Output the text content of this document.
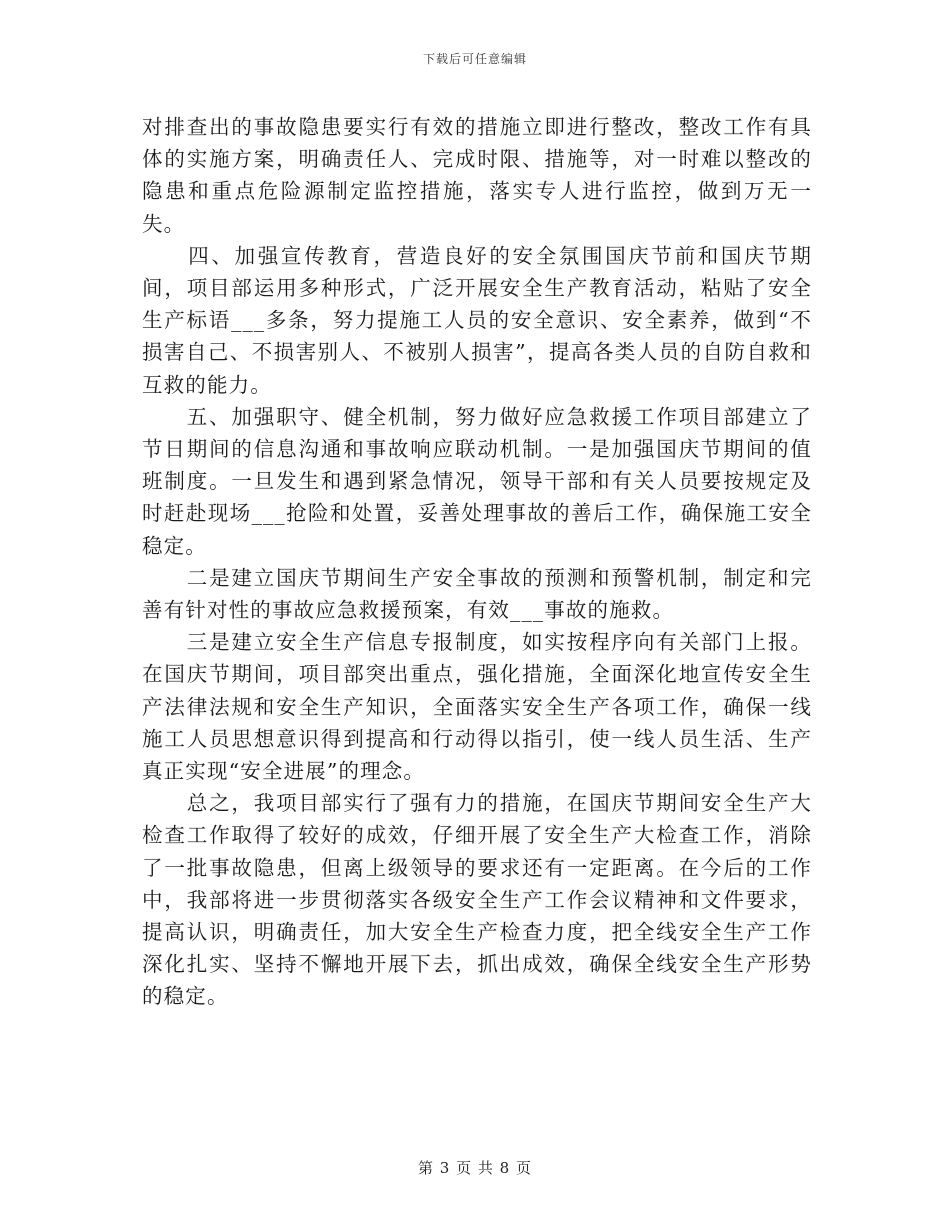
下载后可任意编辑

对排查出的事故隐患要实行有效的措施立即进行整改，整改工作有具体的实施方案，明确责任人、完成时限、措施等，对一时难以整改的隐患和重点危险源制定监控措施，落实专人进行监控，做到万无一失。

　　四、加强宣传教育，营造良好的安全氛围国庆节前和国庆节期间，项目部运用多种形式，广泛开展安全生产教育活动，粘贴了安全生产标语___多条，努力提施工人员的安全意识、安全素养，做到“不损害自己、不损害别人、不被别人损害”，提高各类人员的自防自救和互救的能力。

　　五、加强职守、健全机制，努力做好应急救援工作项目部建立了节日期间的信息沟通和事故响应联动机制。一是加强国庆节期间的值班制度。一旦发生和遇到紧急情况，领导干部和有关人员要按规定及时赶赴现场___抢险和处置，妥善处理事故的善后工作，确保施工安全稳定。

　　二是建立国庆节期间生产安全事故的预测和预警机制，制定和完善有针对性的事故应急救援预案，有效___事故的施救。

　　三是建立安全生产信息专报制度，如实按程序向有关部门上报。在国庆节期间，项目部突出重点，强化措施，全面深化地宣传安全生产法律法规和安全生产知识，全面落实安全生产各项工作，确保一线施工人员思想意识得到提高和行动得以指引，使一线人员生活、生产真正实现“安全进展”的理念。

　　总之，我项目部实行了强有力的措施，在国庆节期间安全生产大检查工作取得了较好的成效，仔细开展了安全生产大检查工作，消除了一批事故隐患，但离上级领导的要求还有一定距离。在今后的工作中，我部将进一步贯彻落实各级安全生产工作会议精神和文件要求，提高认识，明确责任，加大安全生产检查力度，把全线安全生产工作深化扎实、坚持不懈地开展下去，抓出成效，确保全线安全生产形势的稳定。

第 3 页 共 8 页
